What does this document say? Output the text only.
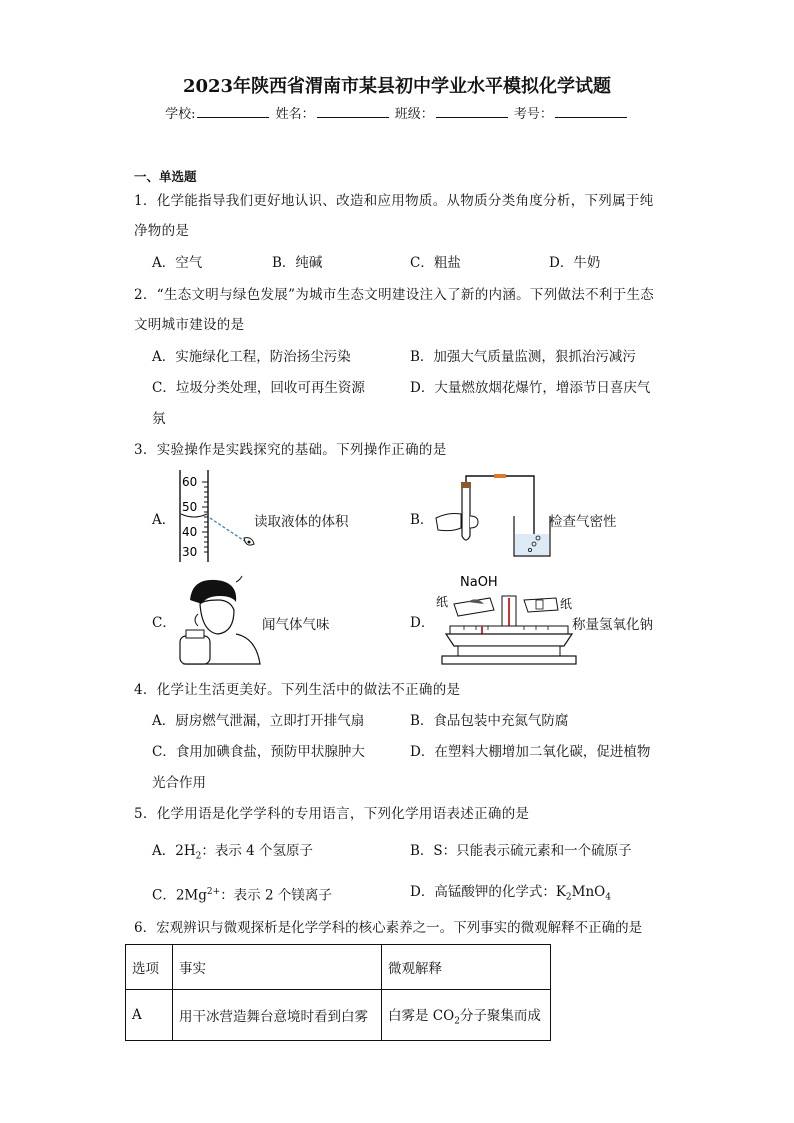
2023年陕西省渭南市某县初中学业水平模拟化学试题
学校:	姓名：	班级：	考号：
一、单选题
1．化学能指导我们更好地认识、改造和应用物质。从物质分类角度分析，下列属于纯
净物的是
A．空气	B．纯碱	C．粗盐	D．牛奶
2．“生态文明与绿色发展”为城市生态文明建设注入了新的内涵。下列做法不利于生态
文明城市建设的是
A．实施绿化工程，防治扬尘污染	B．加强大气质量监测，狠抓治污减污
C．垃圾分类处理，回收可再生资源	D．大量燃放烟花爆竹，增添节日喜庆气
氛
3．实验操作是实践探究的基础。下列操作正确的是
A．
60
50
40
30
读取液体的体积	B．	检查气密性
C．	闻气体气味	D．
NaOH
纸	纸
称量氢氧化钠
4．化学让生活更美好。下列生活中的做法不正确的是
A．厨房燃气泄漏，立即打开排气扇	B．食品包装中充氮气防腐
C．食用加碘食盐，预防甲状腺肿大	D．在塑料大棚增加二氧化碳，促进植物
光合作用
5．化学用语是化学学科的专用语言，下列化学用语表述正确的是
A．$2H_2$：表示 4 个氢原子	B．S：只能表示硫元素和一个硫原子
C．$2Mg^{2+}$：表示 2 个镁离子	D．高锰酸钾的化学式：$K_2MnO_4$
6．宏观辨识与微观探析是化学学科的核心素养之一。下列事实的微观解释不正确的是
选项	事实	微观解释
A	用干冰营造舞台意境时看到白雾	白雾是 $CO_2$分子聚集而成
